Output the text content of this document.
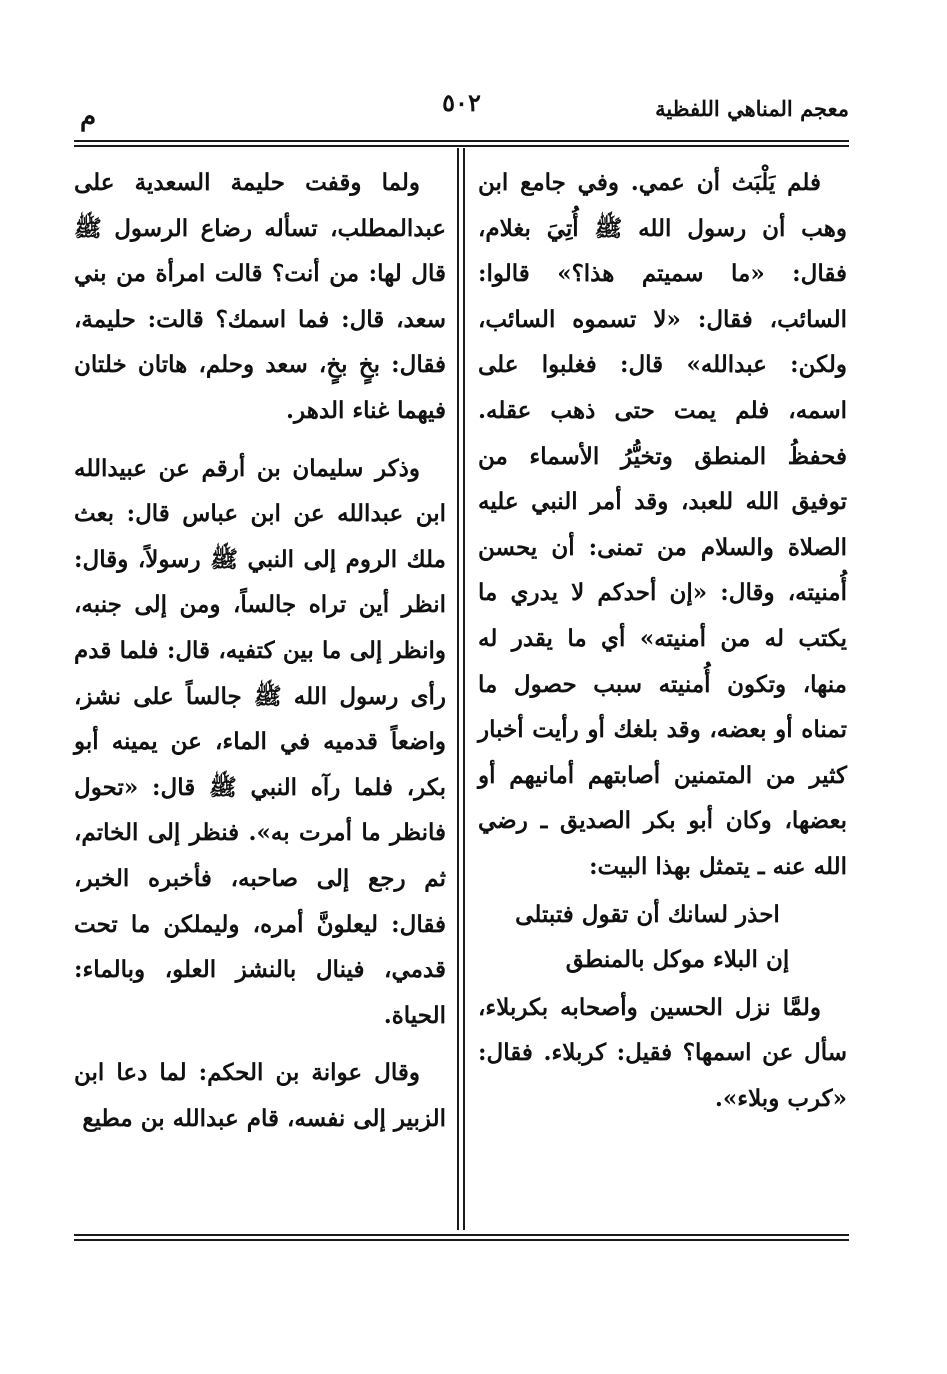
معجم المناهي اللفظية
٥٠٢
م

فلم يَلْبَث أن عمي. وفي جامع ابن وهب أن رسول الله ﷺ أُتِيَ بغلام، فقال: «ما سميتم هذا؟» قالوا: السائب، فقال: «لا تسموه السائب، ولكن: عبدالله» قال: فغلبوا على اسمه، فلم يمت حتى ذهب عقله. فحفظُ المنطق وتخيُّرُ الأسماء من توفيق الله للعبد، وقد أمر النبي عليه الصلاة والسلام من تمنى: أن يحسن أُمنيته، وقال: «إن أحدكم لا يدري ما يكتب له من أمنيته» أي ما يقدر له منها، وتكون أُمنيته سبب حصول ما تمناه أو بعضه، وقد بلغك أو رأيت أخبار كثير من المتمنين أصابتهم أمانيهم أو بعضها، وكان أبو بكر الصديق ـ رضي الله عنه ـ يتمثل بهذا البيت:

احذر لسانك أن تقول فتبتلى
إن البلاء موكل بالمنطق

ولمَّا نزل الحسين وأصحابه بكربلاء، سأل عن اسمها؟ فقيل: كربلاء. فقال: «كرب وبلاء».

ولما وقفت حليمة السعدية على عبدالمطلب، تسأله رضاع الرسول ﷺ قال لها: من أنت؟ قالت امرأة من بني سعد، قال: فما اسمك؟ قالت: حليمة، فقال: بخٍ بخٍ، سعد وحلم، هاتان خلتان فيهما غناء الدهر.

وذكر سليمان بن أرقم عن عبيدالله ابن عبدالله عن ابن عباس قال: بعث ملك الروم إلى النبي ﷺ رسولاً، وقال: انظر أين تراه جالساً، ومن إلى جنبه، وانظر إلى ما بين كتفيه، قال: فلما قدم رأى رسول الله ﷺ جالساً على نشز، واضعاً قدميه في الماء، عن يمينه أبو بكر، فلما رآه النبي ﷺ قال: «تحول فانظر ما أمرت به». فنظر إلى الخاتم، ثم رجع إلى صاحبه، فأخبره الخبر، فقال: ليعلونَّ أمره، وليملكن ما تحت قدمي، فينال بالنشز العلو، وبالماء: الحياة.

وقال عوانة بن الحكم: لما دعا ابن الزبير إلى نفسه، قام عبدالله بن مطيع
